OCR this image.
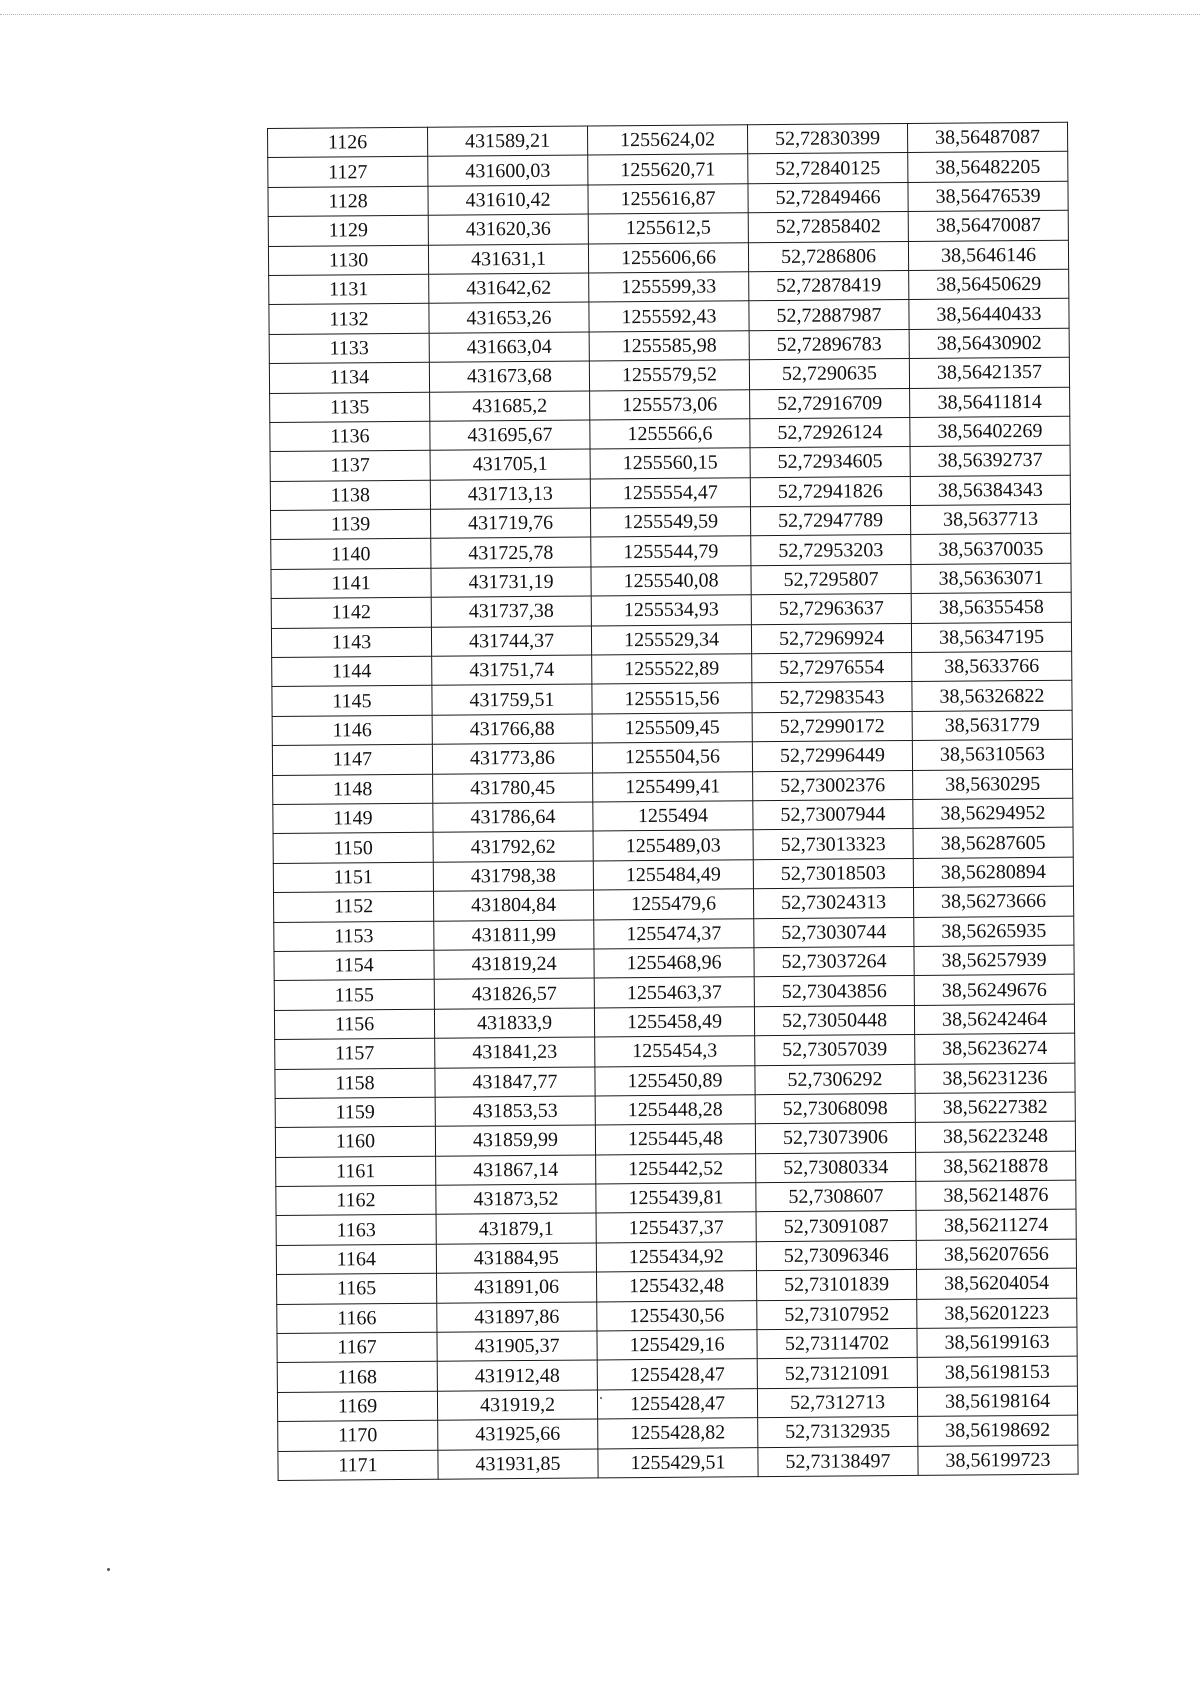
1126	431589,21	1255624,02	52,72830399	38,56487087
1127	431600,03	1255620,71	52,72840125	38,56482205
1128	431610,42	1255616,87	52,72849466	38,56476539
1129	431620,36	1255612,5	52,72858402	38,56470087
1130	431631,1	1255606,66	52,7286806	38,5646146
1131	431642,62	1255599,33	52,72878419	38,56450629
1132	431653,26	1255592,43	52,72887987	38,56440433
1133	431663,04	1255585,98	52,72896783	38,56430902
1134	431673,68	1255579,52	52,7290635	38,56421357
1135	431685,2	1255573,06	52,72916709	38,56411814
1136	431695,67	1255566,6	52,72926124	38,56402269
1137	431705,1	1255560,15	52,72934605	38,56392737
1138	431713,13	1255554,47	52,72941826	38,56384343
1139	431719,76	1255549,59	52,72947789	38,5637713
1140	431725,78	1255544,79	52,72953203	38,56370035
1141	431731,19	1255540,08	52,7295807	38,56363071
1142	431737,38	1255534,93	52,72963637	38,56355458
1143	431744,37	1255529,34	52,72969924	38,56347195
1144	431751,74	1255522,89	52,72976554	38,5633766
1145	431759,51	1255515,56	52,72983543	38,56326822
1146	431766,88	1255509,45	52,72990172	38,5631779
1147	431773,86	1255504,56	52,72996449	38,56310563
1148	431780,45	1255499,41	52,73002376	38,5630295
1149	431786,64	1255494	52,73007944	38,56294952
1150	431792,62	1255489,03	52,73013323	38,56287605
1151	431798,38	1255484,49	52,73018503	38,56280894
1152	431804,84	1255479,6	52,73024313	38,56273666
1153	431811,99	1255474,37	52,73030744	38,56265935
1154	431819,24	1255468,96	52,73037264	38,56257939
1155	431826,57	1255463,37	52,73043856	38,56249676
1156	431833,9	1255458,49	52,73050448	38,56242464
1157	431841,23	1255454,3	52,73057039	38,56236274
1158	431847,77	1255450,89	52,7306292	38,56231236
1159	431853,53	1255448,28	52,73068098	38,56227382
1160	431859,99	1255445,48	52,73073906	38,56223248
1161	431867,14	1255442,52	52,73080334	38,56218878
1162	431873,52	1255439,81	52,7308607	38,56214876
1163	431879,1	1255437,37	52,73091087	38,56211274
1164	431884,95	1255434,92	52,73096346	38,56207656
1165	431891,06	1255432,48	52,73101839	38,56204054
1166	431897,86	1255430,56	52,73107952	38,56201223
1167	431905,37	1255429,16	52,73114702	38,56199163
1168	431912,48	1255428,47	52,73121091	38,56198153
1169	431919,2	1255428,47	52,7312713	38,56198164
1170	431925,66	1255428,82	52,73132935	38,56198692
1171	431931,85	1255429,51	52,73138497	38,56199723
